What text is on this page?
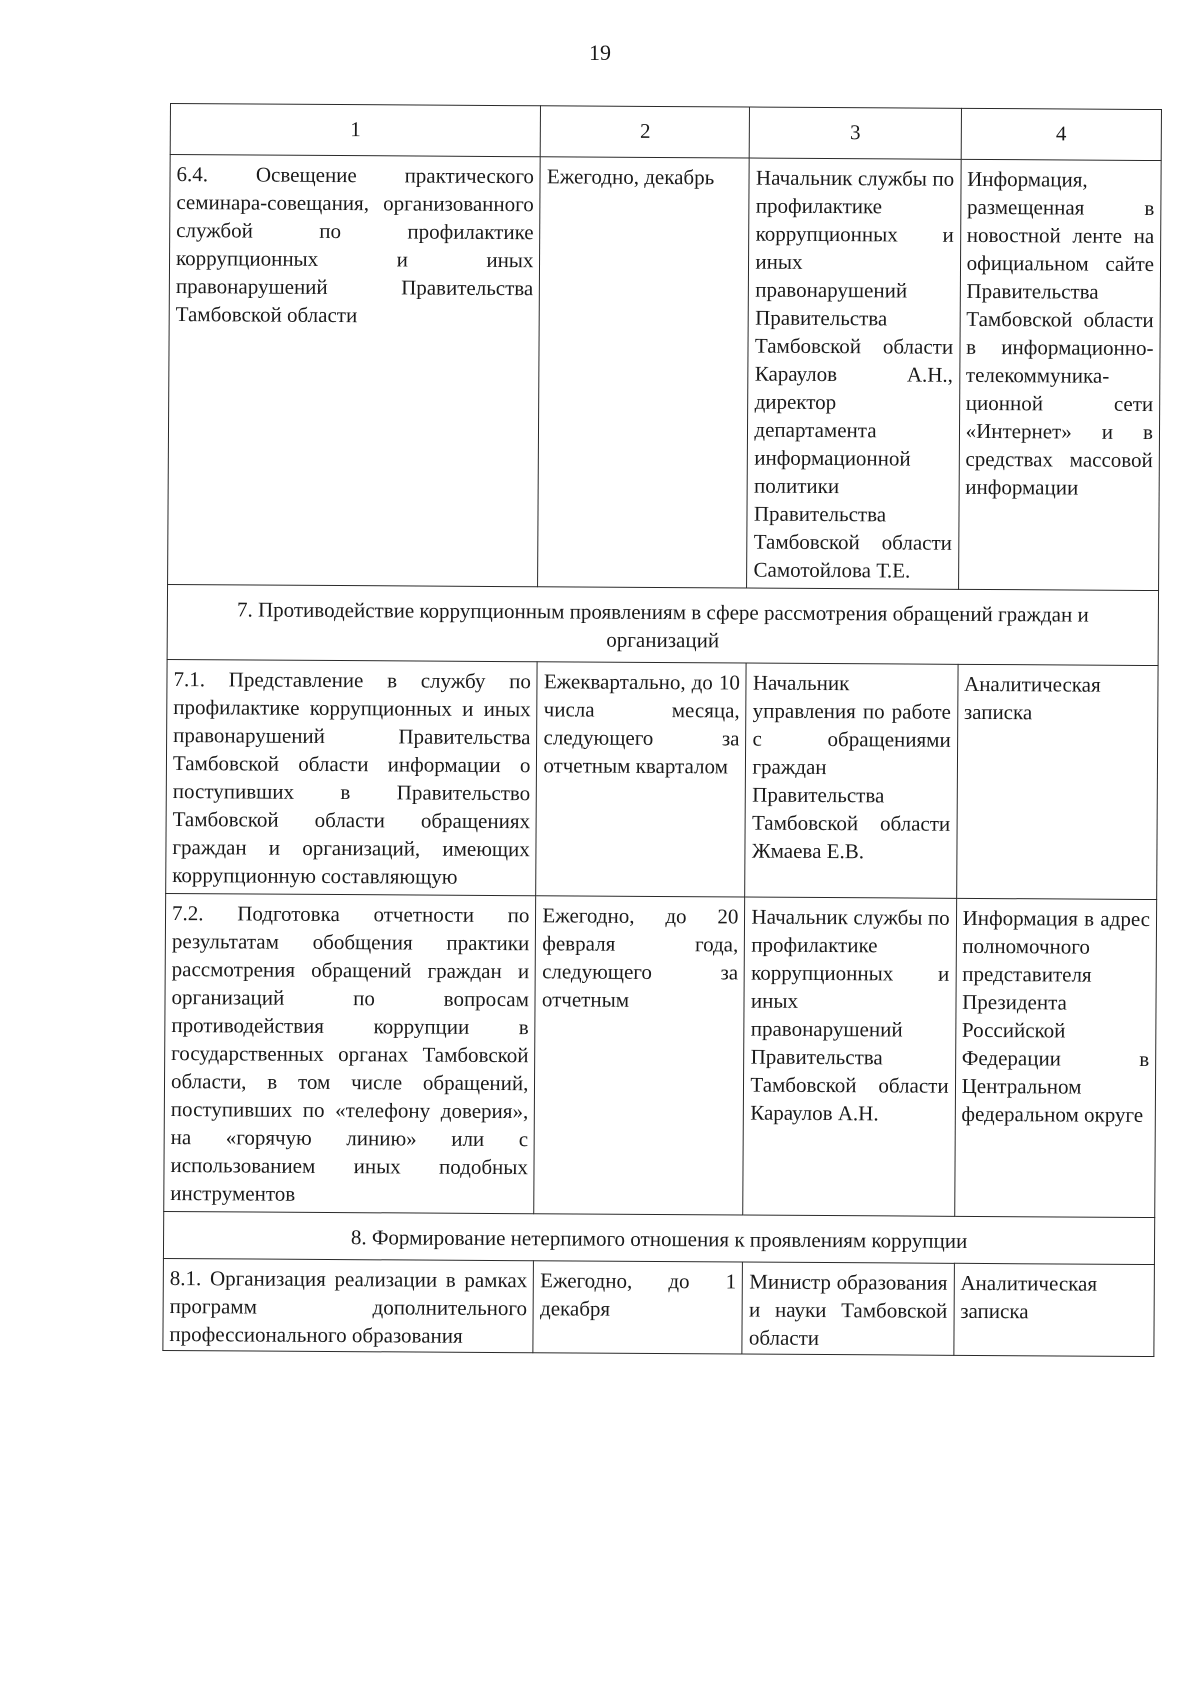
19
1	2	3	4
6.4. Освещение практического семинара-совещания, организованного службой по профилактике коррупционных и иных правонарушений Правительства Тамбовской области	Ежегодно, декабрь	Начальник службы по профилактике коррупционных и иных правонарушений Правительства Тамбовской области Караулов А.Н., директор департамента информационной политики Правительства Тамбовской области Самотойлова Т.Е.	Информация, размещенная в новостной ленте на официальном сайте Правительства Тамбовской области в информационно-телекоммуника-ционной сети «Интернет» и в средствах массовой информации
7. Противодействие коррупционным проявлениям в сфере рассмотрения обращений граждан и организаций			
7.1. Представление в службу по профилактике коррупционных и иных правонарушений Правительства Тамбовской области информации о поступивших в Правительство Тамбовской области обращениях граждан и организаций, имеющих коррупционную составляющую	Ежеквартально, до 10 числа месяца, следующего за отчетным кварталом	Начальник управления по работе с обращениями граждан Правительства Тамбовской области Жмаева Е.В.	Аналитическая записка
7.2. Подготовка отчетности по результатам обобщения практики рассмотрения обращений граждан и организаций по вопросам противодействия коррупции в государственных органах Тамбовской области, в том числе обращений, поступивших по «телефону доверия», на «горячую линию» или с использованием иных подобных инструментов	Ежегодно, до 20 февраля года, следующего за отчетным	Начальник службы по профилактике коррупционных и иных правонарушений Правительства Тамбовской области Караулов А.Н.	Информация в адрес полномочного представителя Президента Российской Федерации в Центральном федеральном округе
8. Формирование нетерпимого отношения к проявлениям коррупции			
8.1. Организация реализации в рамках программ дополнительного профессионального образования	Ежегодно, до 1 декабря	Министр образования и науки Тамбовской области	Аналитическая записка
